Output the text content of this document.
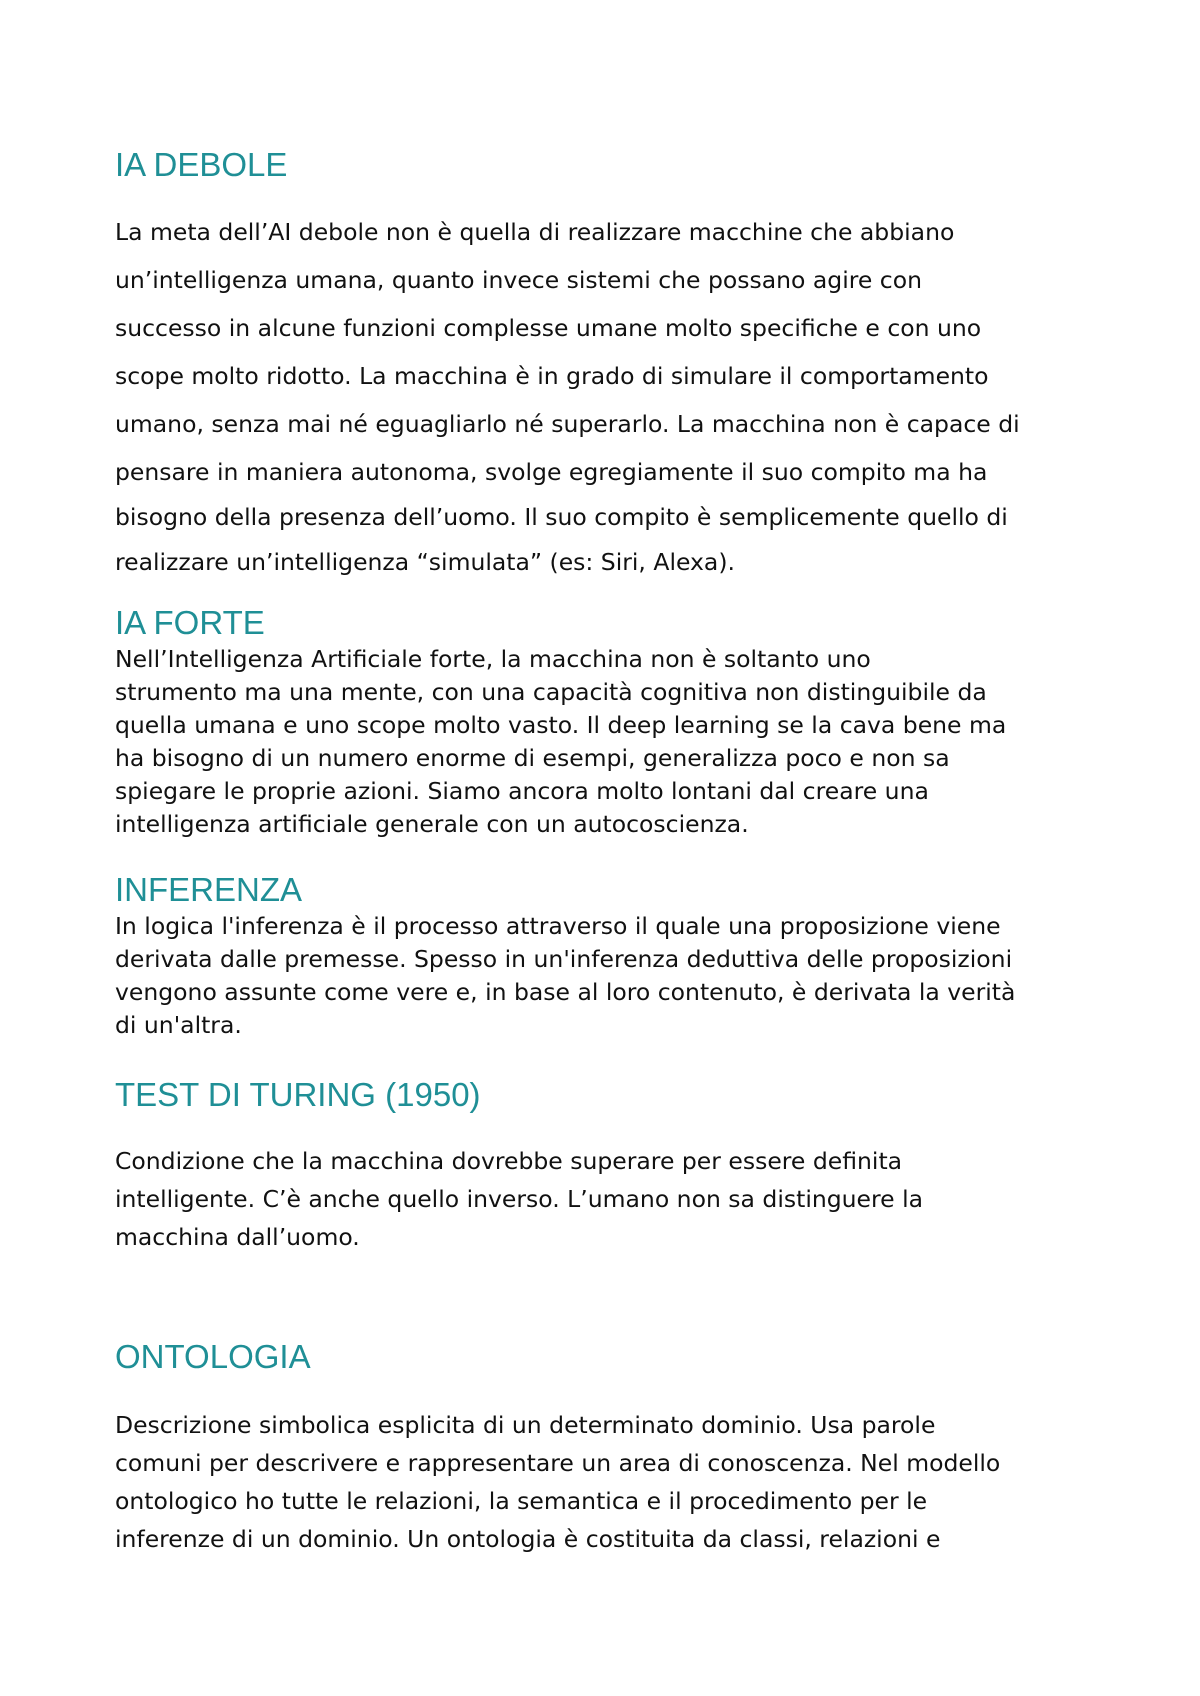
IA DEBOLE
La meta dell’AI debole non è quella di realizzare macchine che abbiano
un’intelligenza umana, quanto invece sistemi che possano agire con
successo in alcune funzioni complesse umane molto specifiche e con uno
scope molto ridotto. La macchina è in grado di simulare il comportamento
umano, senza mai né eguagliarlo né superarlo. La macchina non è capace di
pensare in maniera autonoma, svolge egregiamente il suo compito ma ha
bisogno della presenza dell’uomo. Il suo compito è semplicemente quello di
realizzare un’intelligenza “simulata” (es: Siri, Alexa).
IA FORTE
Nell’Intelligenza Artificiale forte, la macchina non è soltanto uno
strumento ma una mente, con una capacità cognitiva non distinguibile da
quella umana e uno scope molto vasto. Il deep learning se la cava bene ma
ha bisogno di un numero enorme di esempi, generalizza poco e non sa
spiegare le proprie azioni. Siamo ancora molto lontani dal creare una
intelligenza artificiale generale con un autocoscienza.
INFERENZA
In logica l'inferenza è il processo attraverso il quale una proposizione viene
derivata dalle premesse. Spesso in un'inferenza deduttiva delle proposizioni
vengono assunte come vere e, in base al loro contenuto, è derivata la verità
di un'altra.
TEST DI TURING (1950)
Condizione che la macchina dovrebbe superare per essere definita
intelligente. C’è anche quello inverso. L’umano non sa distinguere la
macchina dall’uomo.
ONTOLOGIA
Descrizione simbolica esplicita di un determinato dominio. Usa parole
comuni per descrivere e rappresentare un area di conoscenza. Nel modello
ontologico ho tutte le relazioni, la semantica e il procedimento per le
inferenze di un dominio. Un ontologia è costituita da classi, relazioni e
